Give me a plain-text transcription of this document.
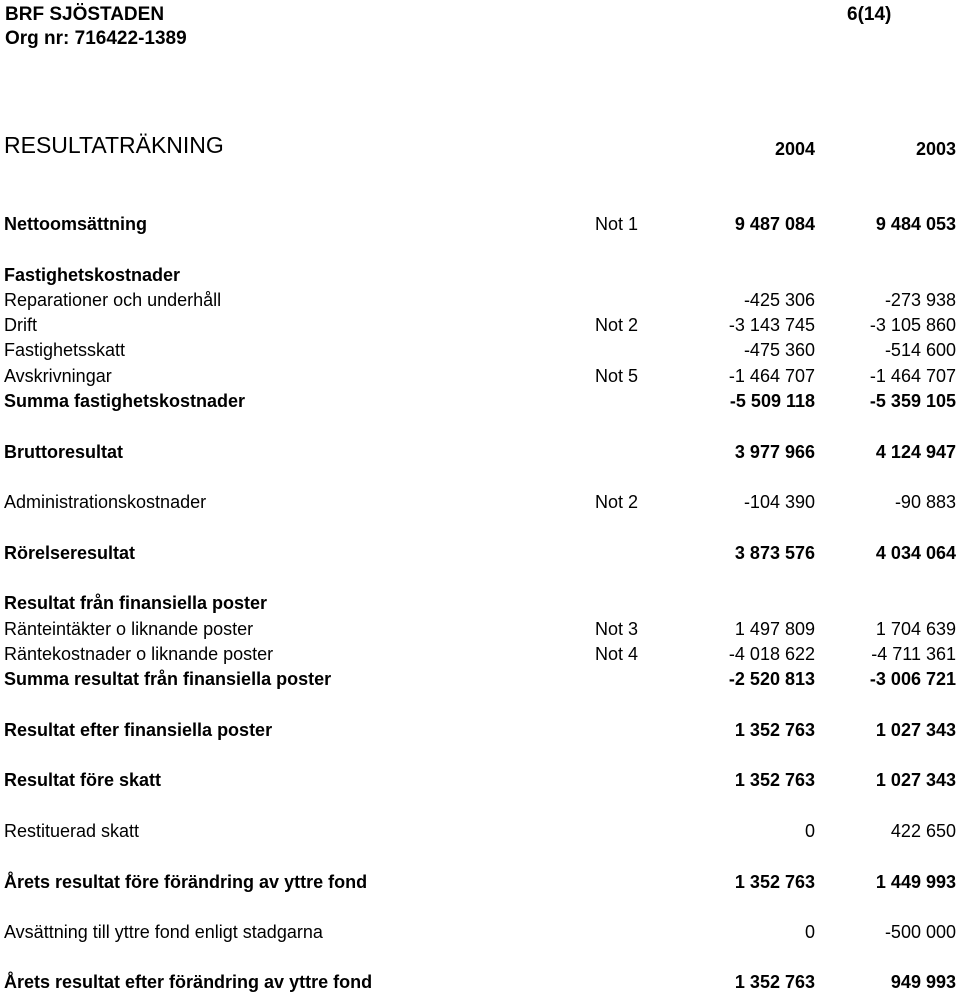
BRF SJÖSTADEN
Org nr: 716422-1389
6(14)
RESULTATRÄKNING	2004	2003
Nettoomsättning	Not 1	9 487 084	9 484 053
Fastighetskostnader
Reparationer och underhåll	-425 306	-273 938
Drift	Not 2	-3 143 745	-3 105 860
Fastighetsskatt	-475 360	-514 600
Avskrivningar	Not 5	-1 464 707	-1 464 707
Summa fastighetskostnader	-5 509 118	-5 359 105
Bruttoresultat	3 977 966	4 124 947
Administrationskostnader	Not 2	-104 390	-90 883
Rörelseresultat	3 873 576	4 034 064
Resultat från finansiella poster
Ränteintäkter o liknande poster	Not 3	1 497 809	1 704 639
Räntekostnader o liknande poster	Not 4	-4 018 622	-4 711 361
Summa resultat från finansiella poster	-2 520 813	-3 006 721
Resultat efter finansiella poster	1 352 763	1 027 343
Resultat före skatt	1 352 763	1 027 343
Restituerad skatt	0	422 650
Årets resultat före förändring av yttre fond	1 352 763	1 449 993
Avsättning till yttre fond enligt stadgarna	0	-500 000
Årets resultat efter förändring av yttre fond	1 352 763	949 993
